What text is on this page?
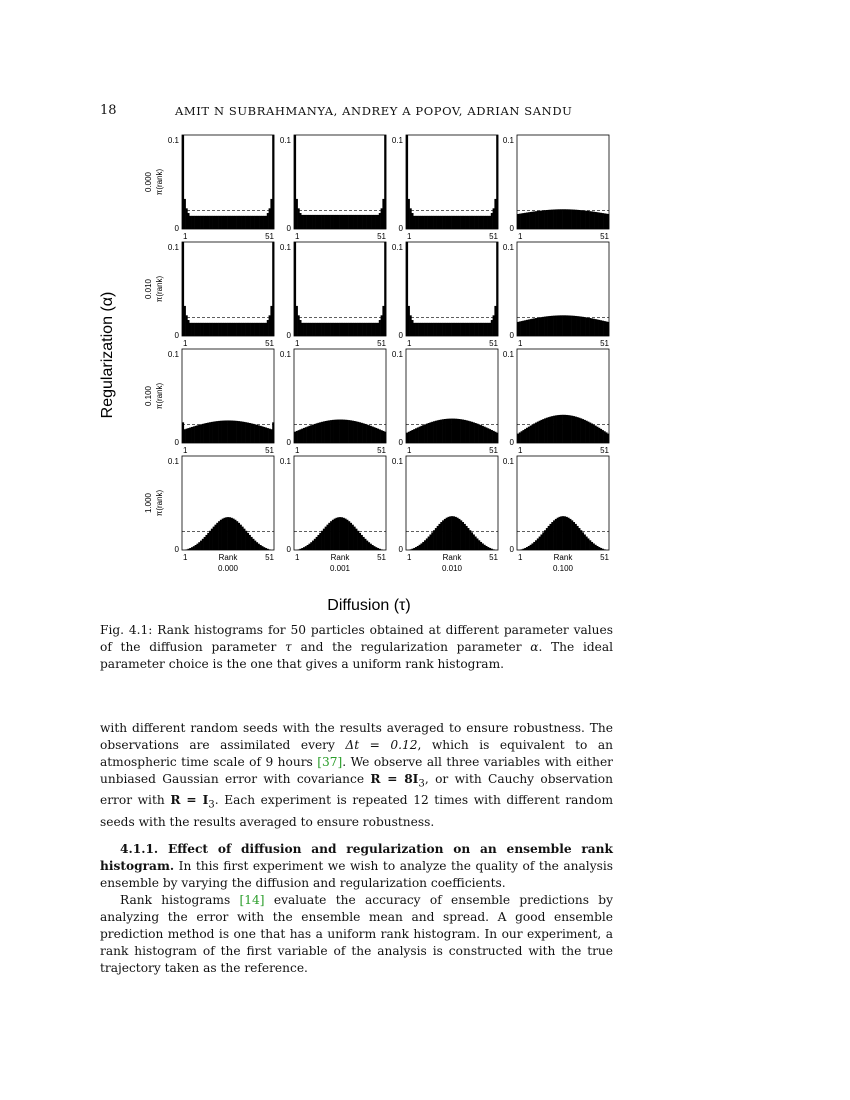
18	AMIT N SUBRAHMANYA, ANDREY A POPOV, ADRIAN SANDU
0.1
0
1	51
0.1
0
1	51
0.1
0
1	51
0.1
0
1	51
0.000 π(rank)
0.1
0
1	51
0.1
0
1	51
0.1
0
1	51
0.1
0
1	51
0.010 π(rank)
0.1
0
1	51
0.1
0
1	51
0.1
0
1	51
0.1
0
1	51
0.100 π(rank)
0.1
0
1	51
Rank
0.000
0.1
0
1	51
Rank
0.001
0.1
0
1	51
Rank
0.010
0.1
0
1	51
Rank
0.100
1.000 π(rank)
Regularization (α)
Diffusion (τ)
Fig. 4.1: Rank histograms for 50 particles obtained at different parameter values of the diffusion parameter τ and the regularization parameter α. The ideal parameter choice is the one that gives a uniform rank histogram.

with different random seeds with the results averaged to ensure robustness. The observations are assimilated every Δt = 0.12, which is equivalent to an atmospheric time scale of 9 hours [37]. We observe all three variables with either unbiased Gaussian error with covariance $R = 8I_3$, or with Cauchy observation error with $R = I_3$. Each experiment is repeated 12 times with different random seeds with the results averaged to ensure robustness.

4.1.1. Effect of diffusion and regularization on an ensemble rank histogram. In this first experiment we wish to analyze the quality of the analysis ensemble by varying the diffusion and regularization coefficients.

Rank histograms [14] evaluate the accuracy of ensemble predictions by analyzing the error with the ensemble mean and spread. A good ensemble prediction method is one that has a uniform rank histogram. In our experiment, a rank histogram of the first variable of the analysis is constructed with the true trajectory taken as the reference.
